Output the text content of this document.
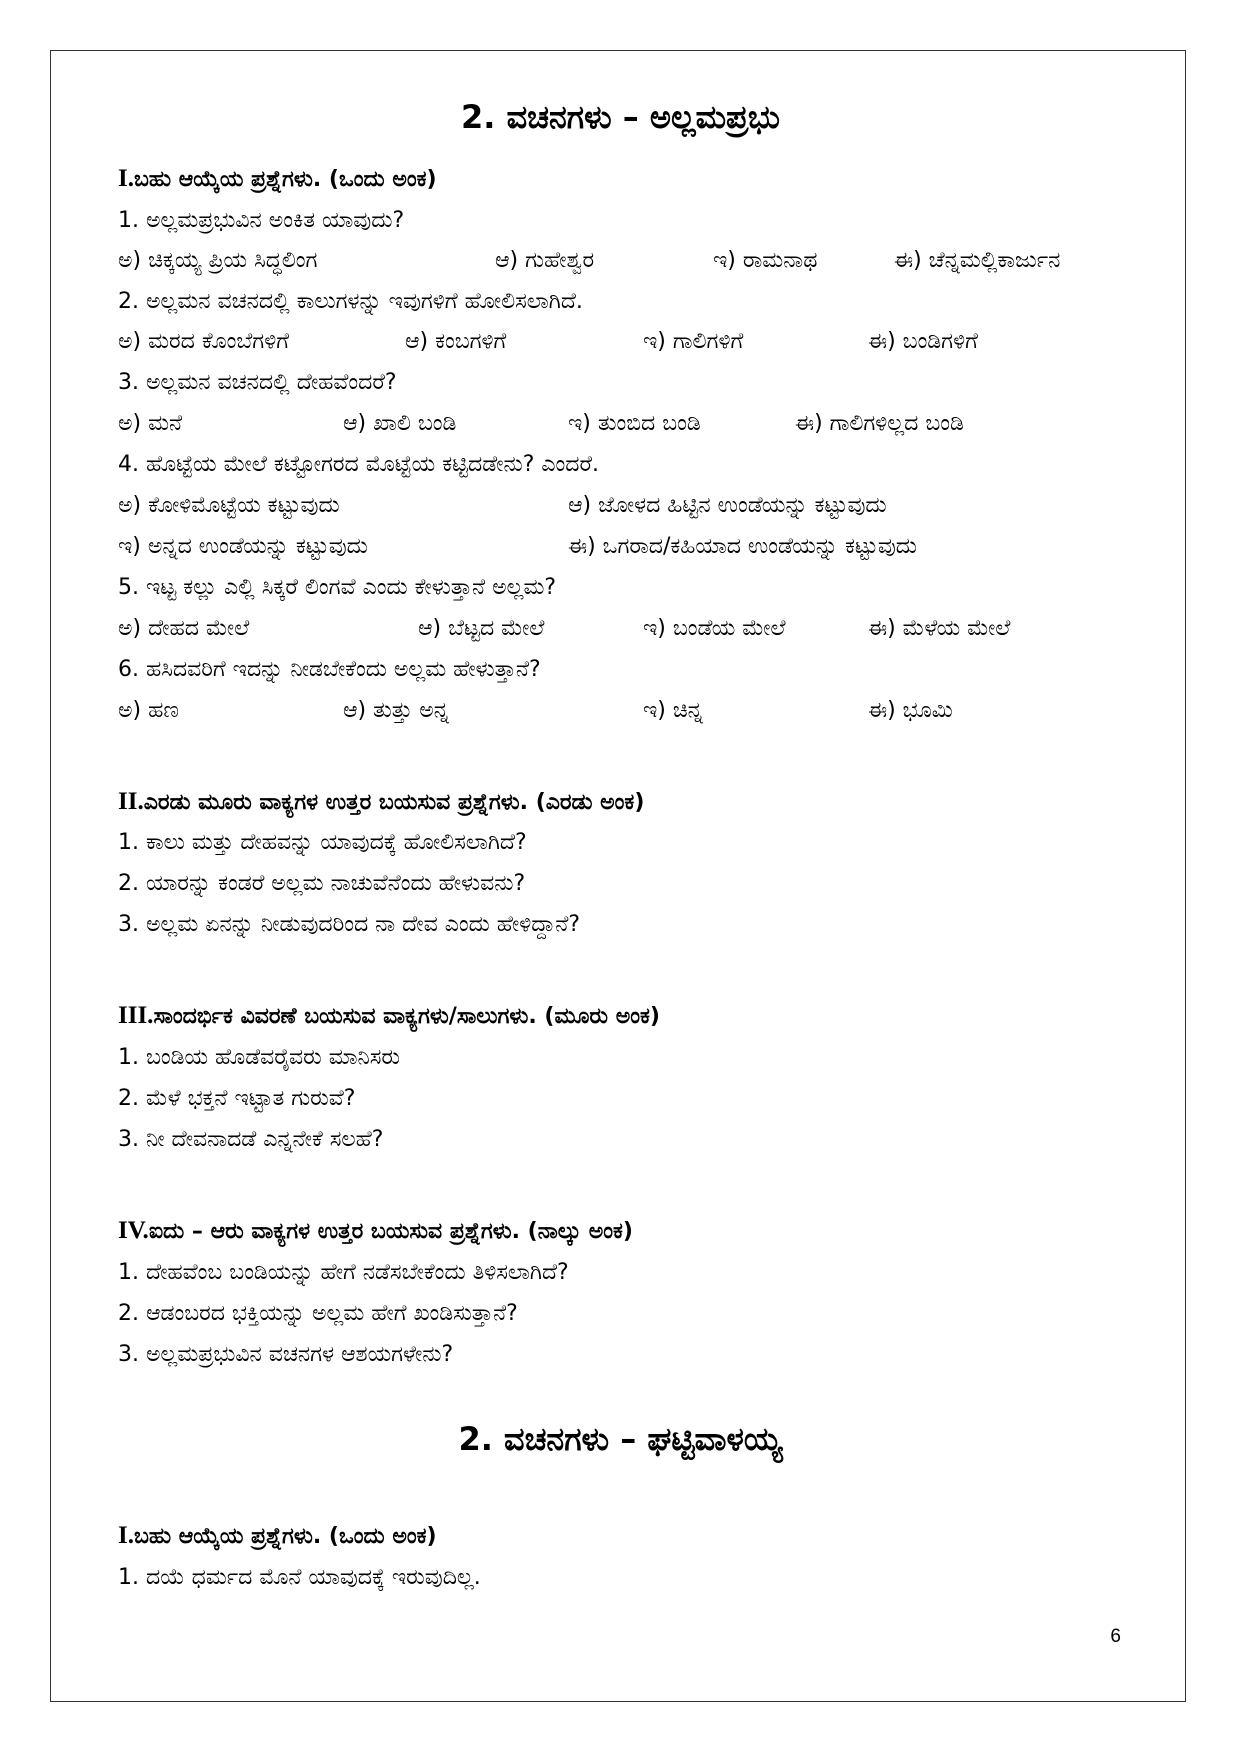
2. ವಚನಗಳು – ಅಲ್ಲಮಪ್ರಭು
I.ಬಹು ಆಯ್ಕೆಯ ಪ್ರಶ್ನೆಗಳು. (ಒಂದು ಅಂಕ)
1. ಅಲ್ಲಮಪ್ರಭುವಿನ ಅಂಕಿತ ಯಾವುದು?
ಅ) ಚಿಕ್ಕಯ್ಯ ಪ್ರಿಯ ಸಿದ್ಧಲಿಂಗ	ಆ) ಗುಹೇಶ್ವರ	ಇ) ರಾಮನಾಥ	ಈ) ಚೆನ್ನಮಲ್ಲಿಕಾರ್ಜುನ
2. ಅಲ್ಲಮನ ವಚನದಲ್ಲಿ ಕಾಲುಗಳನ್ನು ಇವುಗಳಿಗೆ ಹೋಲಿಸಲಾಗಿದೆ.
ಅ) ಮರದ ಕೊಂಬೆಗಳಿಗೆ	ಆ) ಕಂಬಗಳಿಗೆ	ಇ) ಗಾಲಿಗಳಿಗೆ	ಈ) ಬಂಡಿಗಳಿಗೆ
3. ಅಲ್ಲಮನ ವಚನದಲ್ಲಿ ದೇಹವೆಂದರೆ?
ಅ) ಮನೆ	ಆ) ಖಾಲಿ ಬಂಡಿ	ಇ) ತುಂಬಿದ ಬಂಡಿ	ಈ) ಗಾಲಿಗಳಿಲ್ಲದ ಬಂಡಿ
4. ಹೊಟ್ಟೆಯ ಮೇಲೆ ಕಟ್ಟೋಗರದ ಮೊಟ್ಟೆಯ ಕಟ್ಟಿದಡೇನು? ಎಂದರೆ.
ಅ) ಕೋಳಿಮೊಟ್ಟೆಯ ಕಟ್ಟುವುದು	ಆ) ಜೋಳದ ಹಿಟ್ಟಿನ ಉಂಡೆಯನ್ನು ಕಟ್ಟುವುದು
ಇ) ಅನ್ನದ ಉಂಡೆಯನ್ನು ಕಟ್ಟುವುದು	ಈ) ಒಗರಾದ/ಕಹಿಯಾದ ಉಂಡೆಯನ್ನು ಕಟ್ಟುವುದು
5. ಇಟ್ಟ ಕಲ್ಲು ಎಲ್ಲಿ ಸಿಕ್ಕರೆ ಲಿಂಗವೆ ಎಂದು ಕೇಳುತ್ತಾನೆ ಅಲ್ಲಮ?
ಅ) ದೇಹದ ಮೇಲೆ	ಆ) ಬೆಟ್ಟದ ಮೇಲೆ	ಇ) ಬಂಡೆಯ ಮೇಲೆ	ಈ) ಮೆಳೆಯ ಮೇಲೆ
6. ಹಸಿದವರಿಗೆ ಇದನ್ನು ನೀಡಬೇಕೆಂದು ಅಲ್ಲಮ ಹೇಳುತ್ತಾನೆ?
ಅ) ಹಣ	ಆ) ತುತ್ತು ಅನ್ನ	ಇ) ಚಿನ್ನ	ಈ) ಭೂಮಿ
II.ಎರಡು ಮೂರು ವಾಕ್ಯಗಳ ಉತ್ತರ ಬಯಸುವ ಪ್ರಶ್ನೆಗಳು. (ಎರಡು ಅಂಕ)
1. ಕಾಲು ಮತ್ತು ದೇಹವನ್ನು ಯಾವುದಕ್ಕೆ ಹೋಲಿಸಲಾಗಿದೆ?
2. ಯಾರನ್ನು ಕಂಡರೆ ಅಲ್ಲಮ ನಾಚುವೆನೆಂದು ಹೇಳುವನು?
3. ಅಲ್ಲಮ ಏನನ್ನು ನೀಡುವುದರಿಂದ ನಾ ದೇವ ಎಂದು ಹೇಳಿದ್ದಾನೆ?
III.ಸಾಂದರ್ಭಿಕ ವಿವರಣೆ ಬಯಸುವ ವಾಕ್ಯಗಳು/ಸಾಲುಗಳು. (ಮೂರು ಅಂಕ)
1. ಬಂಡಿಯ ಹೊಡೆವರೈವರು ಮಾನಿಸರು
2. ಮೆಳೆ ಭಕ್ತನೆ ಇಟ್ಟಾತ ಗುರುವೆ?
3. ನೀ ದೇವನಾದಡೆ ಎನ್ನನೇಕೆ ಸಲಹೆ?
IV.ಐದು – ಆರು ವಾಕ್ಯಗಳ ಉತ್ತರ ಬಯಸುವ ಪ್ರಶ್ನೆಗಳು. (ನಾಲ್ಕು ಅಂಕ)
1. ದೇಹವೆಂಬ ಬಂಡಿಯನ್ನು ಹೇಗೆ ನಡೆಸಬೇಕೆಂದು ತಿಳಿಸಲಾಗಿದೆ?
2. ಆಡಂಬರದ ಭಕ್ತಿಯನ್ನು ಅಲ್ಲಮ ಹೇಗೆ ಖಂಡಿಸುತ್ತಾನೆ?
3. ಅಲ್ಲಮಪ್ರಭುವಿನ ವಚನಗಳ ಆಶಯಗಳೇನು?
2. ವಚನಗಳು – ಘಟ್ಟಿವಾಳಯ್ಯ
I.ಬಹು ಆಯ್ಕೆಯ ಪ್ರಶ್ನೆಗಳು. (ಒಂದು ಅಂಕ)
1. ದಯೆ ಧರ್ಮದ ಮೊನೆ ಯಾವುದಕ್ಕೆ ಇರುವುದಿಲ್ಲ.
6
